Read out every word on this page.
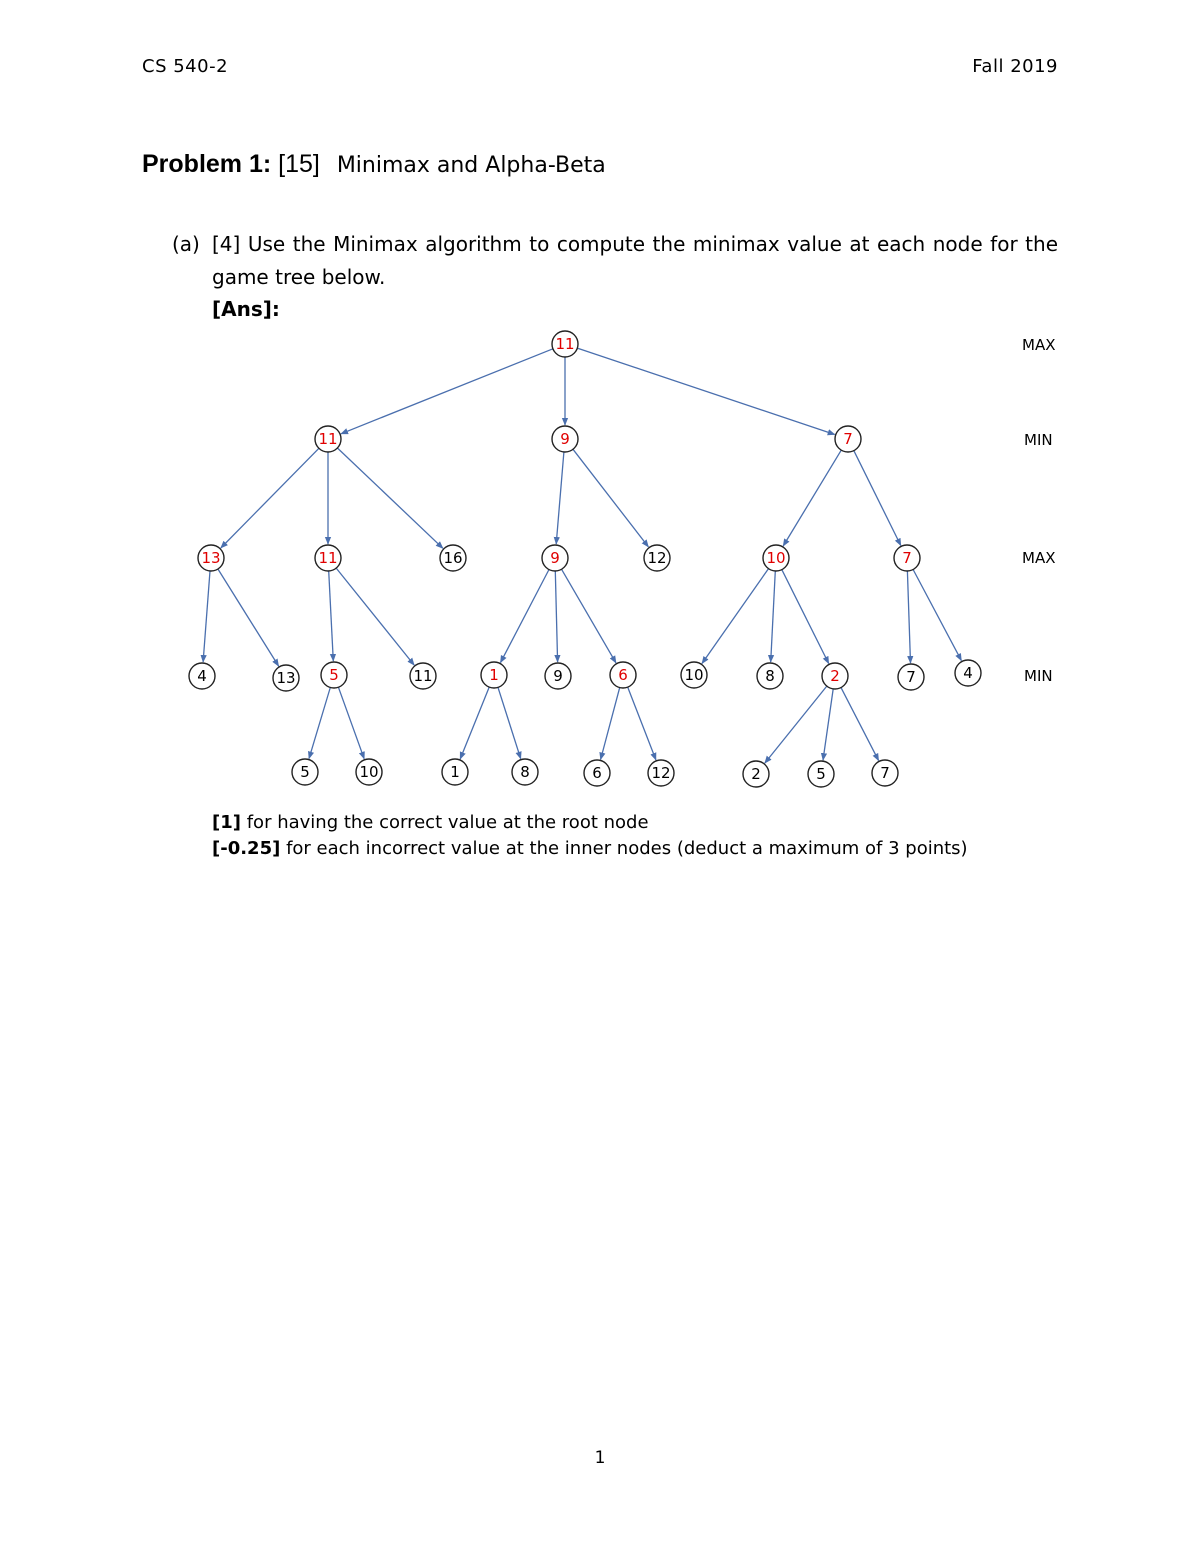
CS 540-2	Fall 2019
Problem 1: [15] Minimax and Alpha-Beta
(a) [4] Use the Minimax algorithm to compute the minimax value at each node for the game tree below.
[Ans]:
11
11	9	7
13	11	16	9	12	10	7
4	13 5	11	1	9	6	10	8	2	7	4
5	10	1	8	6	12	2	5	7
MAX
MIN
MAX
MIN
[1] for having the correct value at the root node
[-0.25] for each incorrect value at the inner nodes (deduct a maximum of 3 points)
1
